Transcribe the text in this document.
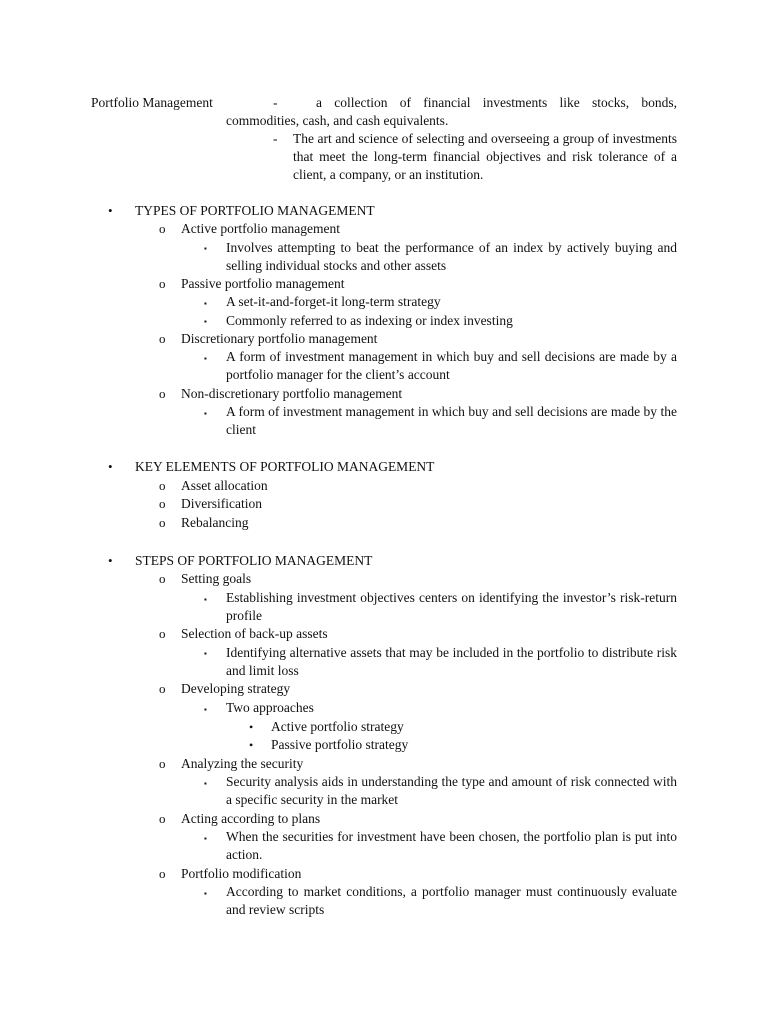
Portfolio Management	-	a collection of financial investments like stocks, bonds, commodities, cash, and cash equivalents.
- The art and science of selecting and overseeing a group of investments that meet the long-term financial objectives and risk tolerance of a client, a company, or an institution.
• TYPES OF PORTFOLIO MANAGEMENT
o Active portfolio management
▪ Involves attempting to beat the performance of an index by actively buying and selling individual stocks and other assets
o Passive portfolio management
▪ A set-it-and-forget-it long-term strategy
▪ Commonly referred to as indexing or index investing
o Discretionary portfolio management
▪ A form of investment management in which buy and sell decisions are made by a portfolio manager for the client’s account
o Non-discretionary portfolio management
▪ A form of investment management in which buy and sell decisions are made by the client
• KEY ELEMENTS OF PORTFOLIO MANAGEMENT
o Asset allocation
o Diversification
o Rebalancing
• STEPS OF PORTFOLIO MANAGEMENT
o Setting goals
▪ Establishing investment objectives centers on identifying the investor’s risk-return profile
o Selection of back-up assets
▪ Identifying alternative assets that may be included in the portfolio to distribute risk and limit loss
o Developing strategy
▪ Two approaches
• Active portfolio strategy
• Passive portfolio strategy
o Analyzing the security
▪ Security analysis aids in understanding the type and amount of risk connected with a specific security in the market
o Acting according to plans
▪ When the securities for investment have been chosen, the portfolio plan is put into action.
o Portfolio modification
▪ According to market conditions, a portfolio manager must continuously evaluate and review scripts
